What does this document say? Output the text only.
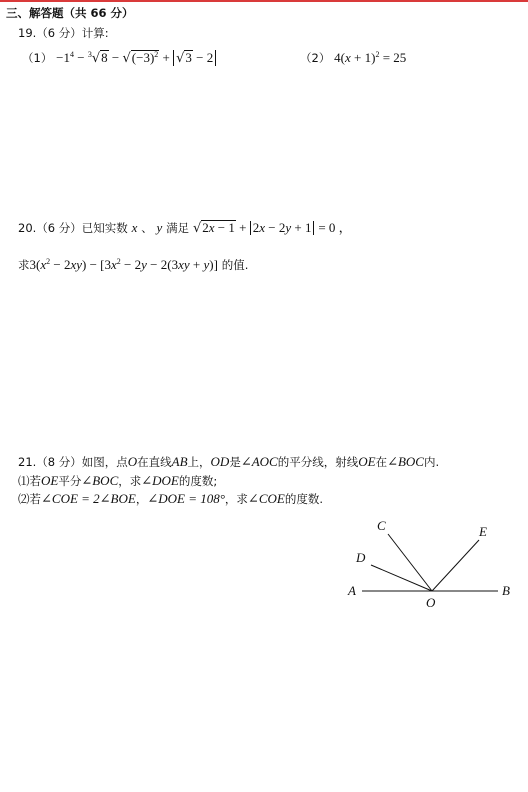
三、解答题（共 66 分）
19.（6 分）计算:
$(1) -1^4 - ^3√8 - √(-3)^2 + √3 - 2$	（2） $4(x + 1)^2 = 25$
20.（6 分）已知实数 x 、 y 满足 √2x − 1 + 2x − 2y + 1 = 0 ，
求$3(x^2 - 2xy) - [3x^2 - 2y - 2(3xy + y)]$ 的值.
21.（8 分）如图，点O在直线AB上，OD是∠AOC的平分线，射线OE在∠BOC内.
⑴若OE平分∠BOC，求∠DOE的度数;
⑵若∠COE = 2∠BOE，∠DOE = 108°，求∠COE的度数.
A	B
C
D
E
O
